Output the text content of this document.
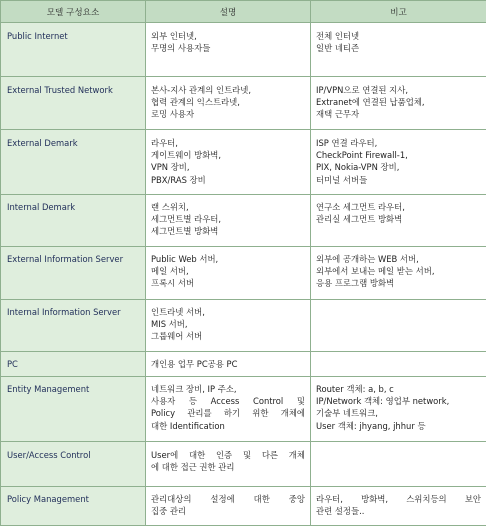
모델 구성요소	설명	비고

Public Internet	외부 인터넷,
무명의 사용자들	전체 인터넷
일반 네티즌

External Trusted Network	본사-지사 관계의 인트라넷,
협력 관계의 익스트라넷,
로밍 사용자	IP/VPN으로 연결된 지사,
Extranet에 연결된 납품업체,
재택 근무자

External Demark	라우터,
게이트웨이 방화벽,
VPN 장비,
PBX/RAS 장비	ISP 연결 라우터,
CheckPoint Firewall-1,
PIX, Nokia-VPN 장비,
터미널 서버들

Internal Demark	랜 스위치,
세그먼트별 라우터,
세그먼트별 방화벽	연구소 세그먼트 라우터,
관리실 세그먼트 방화벽

External Information Server	Public Web 서버,
메일 서버,
프록시 서버	외부에 공개하는 WEB 서버,
외부에서 보내는 메일 받는 서버,
응용 프로그램 방화벽

Internal Information Server	인트라넷 서버,
MIS 서버,
그룹웨어 서버	

PC	개인용 업무 PC공용 PC	

Entity Management	네트워크 장비, IP 주소,
사용자 등 Access Control 및
Policy 관리를 하기 위한 개체에
대한 Identification	Router 객체: a, b, c
IP/Network 객체: 영업부 network,
기술부 네트워크,
User 객체: jhyang, jhhur 등

User/Access Control	User에 대한 인증 및 다른 개체
에 대한 접근 권한 관리	

Policy Management	관리대상의 설정에 대한 중앙
집중 관리	라우터, 방화벽, 스위치등의 보안
관련 설정들..
